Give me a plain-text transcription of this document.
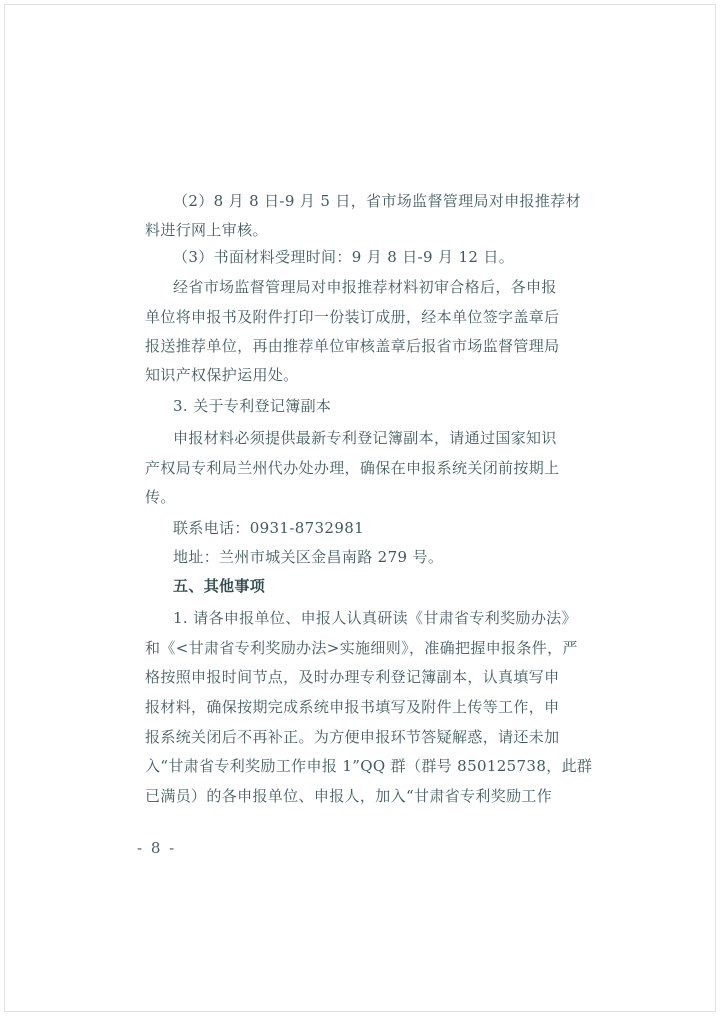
（2）8 月 8 日-9 月 5 日，省市场监督管理局对申报推荐材
料进行网上审核。
（3）书面材料受理时间：9 月 8 日-9 月 12 日。
经省市场监督管理局对申报推荐材料初审合格后，各申报
单位将申报书及附件打印一份装订成册，经本单位签字盖章后
报送推荐单位，再由推荐单位审核盖章后报省市场监督管理局
知识产权保护运用处。
3. 关于专利登记簿副本
申报材料必须提供最新专利登记簿副本，请通过国家知识
产权局专利局兰州代办处办理，确保在申报系统关闭前按期上
传。
联系电话：0931-8732981
地址：兰州市城关区金昌南路 279 号。
五、其他事项
1. 请各申报单位、申报人认真研读《甘肃省专利奖励办法》
和《<甘肃省专利奖励办法>实施细则》，准确把握申报条件，严
格按照申报时间节点，及时办理专利登记簿副本，认真填写申
报材料，确保按期完成系统申报书填写及附件上传等工作，申
报系统关闭后不再补正。为方便申报环节答疑解惑，请还未加
入“甘肃省专利奖励工作申报 1”QQ 群（群号 850125738，此群
已满员）的各申报单位、申报人，加入“甘肃省专利奖励工作
- 8 -
